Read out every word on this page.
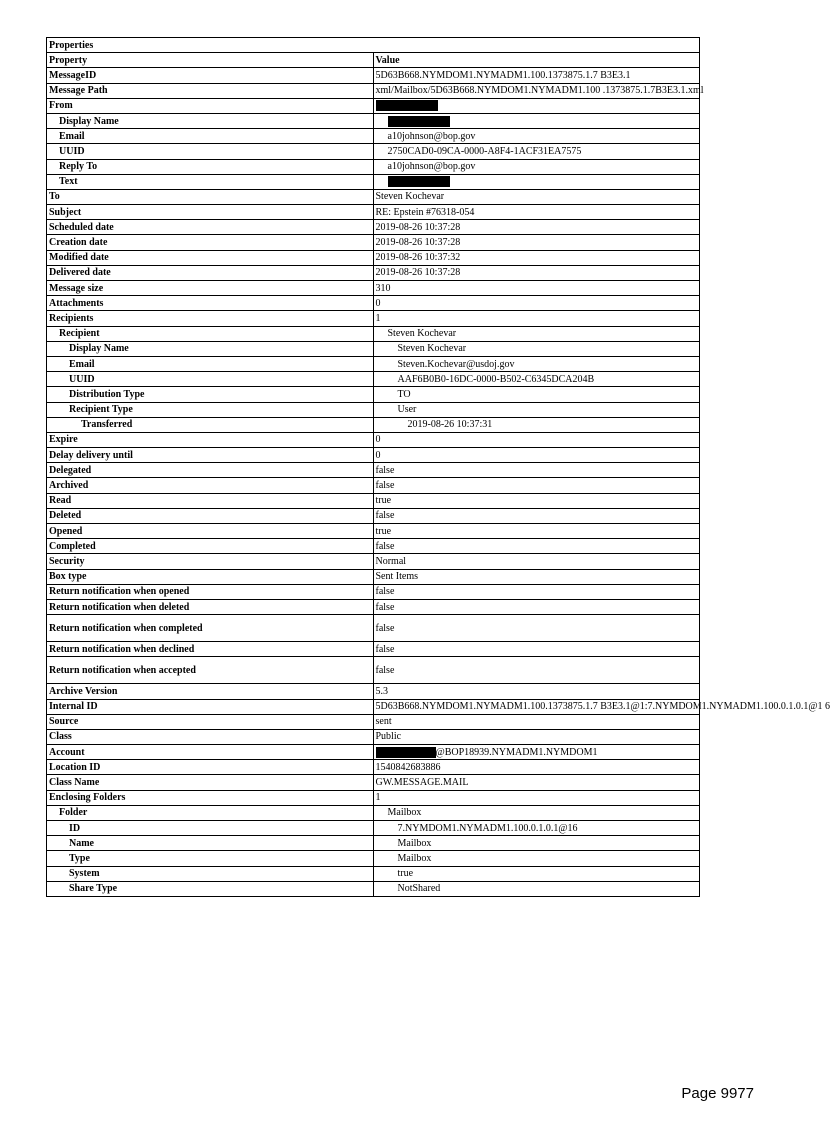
Properties	
Property	Value
MessageID	5D63B668.NYMDOM1.NYMADM1.100.1373875.1.7 B3E3.1
Message Path	xml/Mailbox/5D63B668.NYMDOM1.NYMADM1.100 .1373875.1.7B3E3.1.xml
From	
Display Name	
Email	a10johnson@bop.gov
UUID	2750CAD0-09CA-0000-A8F4-1ACF31EA7575
Reply To	a10johnson@bop.gov
Text	
To	Steven Kochevar
Subject	RE: Epstein #76318-054
Scheduled date	2019-08-26 10:37:28
Creation date	2019-08-26 10:37:28
Modified date	2019-08-26 10:37:32
Delivered date	2019-08-26 10:37:28
Message size	310
Attachments	0
Recipients	1
Recipient	Steven Kochevar
Display Name	Steven Kochevar
Email	Steven.Kochevar@usdoj.gov
UUID	AAF6B0B0-16DC-0000-B502-C6345DCA204B
Distribution Type	TO
Recipient Type	User
Transferred	2019-08-26 10:37:31
Expire	0
Delay delivery until	0
Delegated	false
Archived	false
Read	true
Deleted	false
Opened	true
Completed	false
Security	Normal
Box type	Sent Items
Return notification when opened	false
Return notification when deleted	false
Return notification when completed	false
Return notification when declined	false
Return notification when accepted	false
Archive Version	5.3
Internal ID	5D63B668.NYMDOM1.NYMADM1.100.1373875.1.7 B3E3.1@1:7.NYMDOM1.NYMADM1.100.0.1.0.1@1 6
Source	sent
Class	Public
Account	@BOP18939.NYMADM1.NYMDOM1
Location ID	1540842683886
Class Name	GW.MESSAGE.MAIL
Enclosing Folders	1
Folder	Mailbox
ID	7.NYMDOM1.NYMADM1.100.0.1.0.1@16
Name	Mailbox
Type	Mailbox
System	true
Share Type	NotShared
Page 9977
